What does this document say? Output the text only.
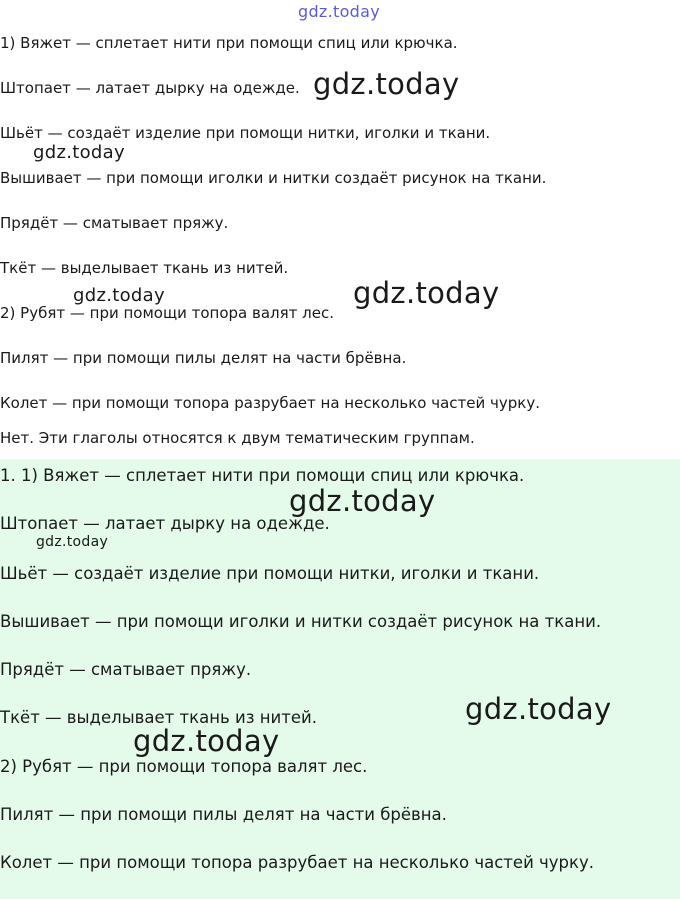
1) Вяжет — сплетает нити при помощи спиц или крючка.
Штопает — латает дырку на одежде.
Шьёт — создаёт изделие при помощи нитки, иголки и ткани.
Вышивает — при помощи иголки и нитки создаёт рисунок на ткани.
Прядёт — сматывает пряжу.
Ткёт — выделывает ткань из нитей.
2) Рубят — при помощи топора валят лес.
Пилят — при помощи пилы делят на части брёвна.
Колет — при помощи топора разрубает на несколько частей чурку.
Нет. Эти глаголы относятся к двум тематическим группам.
1. 1) Вяжет — сплетает нити при помощи спиц или крючка.
Штопает — латает дырку на одежде.
Шьёт — создаёт изделие при помощи нитки, иголки и ткани.
Вышивает — при помощи иголки и нитки создаёт рисунок на ткани.
Прядёт — сматывает пряжу.
Ткёт — выделывает ткань из нитей.
2) Рубят — при помощи топора валят лес.
Пилят — при помощи пилы делят на части брёвна.
Колет — при помощи топора разрубает на несколько частей чурку.
gdz.today
gdz.today
gdz.today
gdz.today	gdz.today
gdz.today
gdz.today
gdz.today
gdz.today
